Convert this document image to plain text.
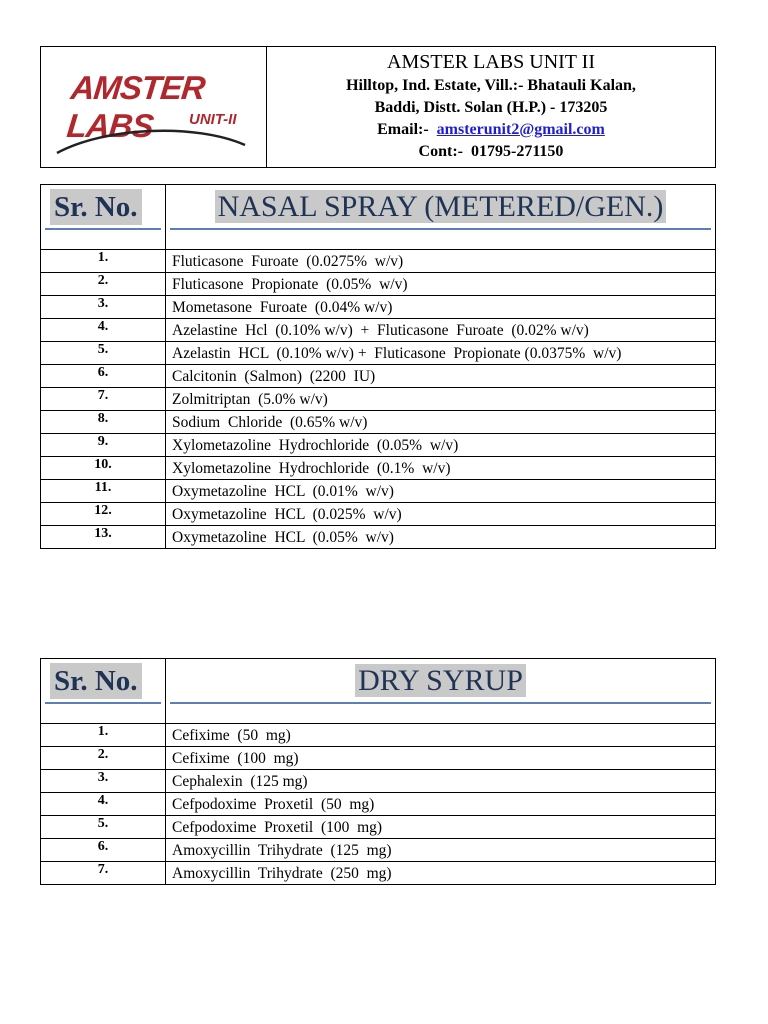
AMSTER LABS	UNIT-II
AMSTER LABS UNIT II
Hilltop, Ind. Estate, Vill.:- Bhatauli Kalan,
Baddi, Distt. Solan (H.P.) - 173205
Email:- amsterunit2@gmail.com
Cont:- 01795-271150
Sr. No.	NASAL SPRAY (METERED/GEN.)

1.	Fluticasone  Furoate  (0.0275%  w/v)
2.	Fluticasone  Propionate  (0.05%  w/v)
3.	Mometasone  Furoate  (0.04% w/v)
4.	Azelastine  Hcl  (0.10% w/v)  +  Fluticasone  Furoate  (0.02% w/v)
5.	Azelastin  HCL  (0.10% w/v) +  Fluticasone  Propionate (0.0375%  w/v)
6.	Calcitonin  (Salmon)  (2200  IU)
7.	Zolmitriptan  (5.0% w/v)
8.	Sodium  Chloride  (0.65% w/v)
9.	Xylometazoline  Hydrochloride  (0.05%  w/v)
10.	Xylometazoline  Hydrochloride  (0.1%  w/v)
11.	Oxymetazoline  HCL  (0.01%  w/v)
12.	Oxymetazoline  HCL  (0.025%  w/v)
13.	Oxymetazoline  HCL  (0.05%  w/v)
Sr. No.	DRY SYRUP

1.	Cefixime  (50  mg)
2.	Cefixime  (100  mg)
3.	Cephalexin  (125 mg)
4.	Cefpodoxime  Proxetil  (50  mg)
5.	Cefpodoxime  Proxetil  (100  mg)
6.	Amoxycillin  Trihydrate  (125  mg)
7.	Amoxycillin  Trihydrate  (250  mg)
